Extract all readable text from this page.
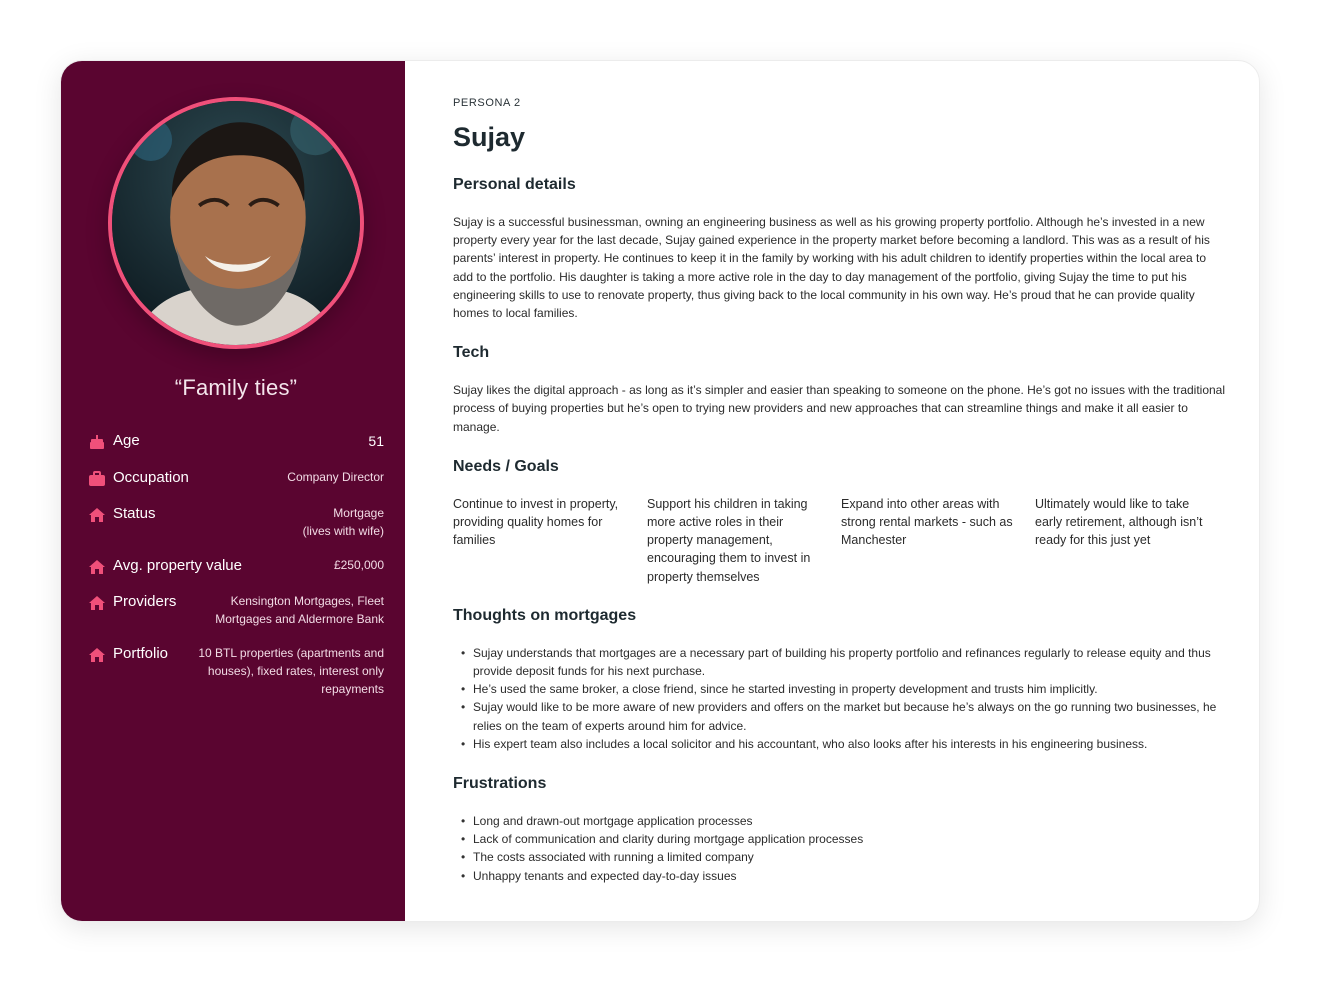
“Family ties”
Age	51
Occupation	Company Director
Status	Mortgage
(lives with wife)
Avg. property value	£250,000
Providers	Kensington Mortgages, Fleet
Mortgages and Aldermore Bank
Portfolio	10 BTL properties (apartments and
houses), fixed rates, interest only
repayments
PERSONA 2
Sujay
Personal details

Sujay is a successful businessman, owning an engineering business as well as his growing property portfolio. Although he’s invested in a new property every year for the last decade, Sujay gained experience in the property market before becoming a landlord. This was as a result of his parents’ interest in property. He continues to keep it in the family by working with his adult children to identify properties within the local area to add to the portfolio. His daughter is taking a more active role in the day to day management of the portfolio, giving Sujay the time to put his engineering skills to use to renovate property, thus giving back to the local community in his own way. He’s proud that he can provide quality homes to local families.

Tech

Sujay likes the digital approach - as long as it’s simpler and easier than speaking to someone on the phone. He’s got no issues with the traditional process of buying properties but he’s open to trying new providers and new approaches that can streamline things and make it all easier to manage.

Needs / Goals
Continue to invest in property, providing quality homes for families
Support his children in taking more active roles in their property management, encouraging them to invest in property themselves
Expand into other areas with strong rental markets - such as Manchester
Ultimately would like to take early retirement, although isn’t ready for this just yet
Thoughts on mortgages
• Sujay understands that mortgages are a necessary part of building his property portfolio and refinances regularly to release equity and thus provide deposit funds for his next purchase.
• He’s used the same broker, a close friend, since he started investing in property development and trusts him implicitly.
• Sujay would like to be more aware of new providers and offers on the market but because he’s always on the go running two businesses, he relies on the team of experts around him for advice.
• His expert team also includes a local solicitor and his accountant, who also looks after his interests in his engineering business.
Frustrations
• Long and drawn-out mortgage application processes
• Lack of communication and clarity during mortgage application processes
• The costs associated with running a limited company
• Unhappy tenants and expected day-to-day issues
